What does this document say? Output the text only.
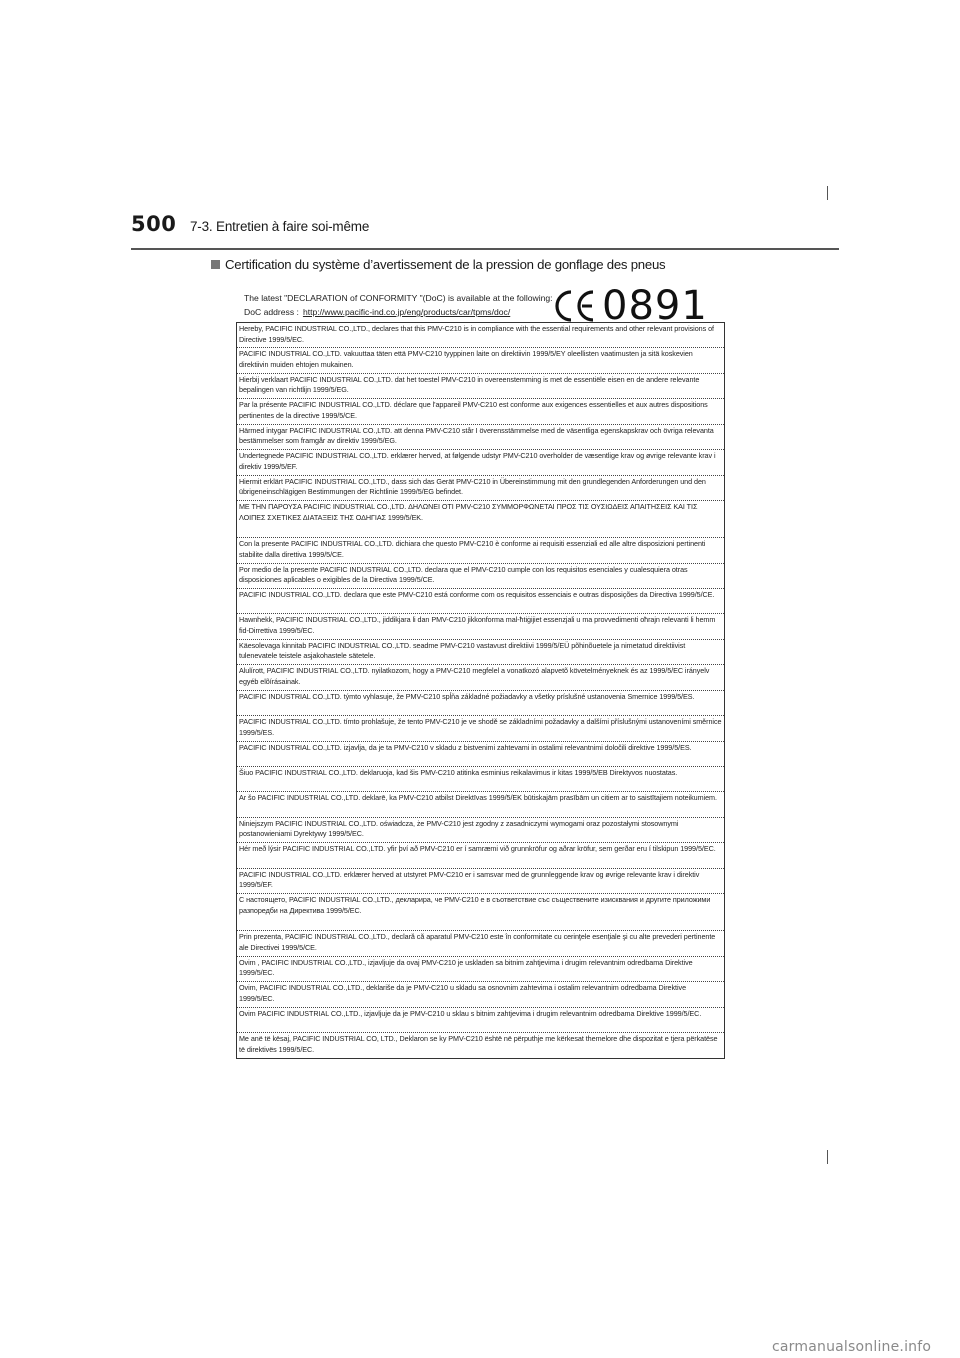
500 7-3. Entretien à faire soi-même
Certification du système d’avertissement de la pression de gonflage des pneus
The latest "DECLARATION of CONFORMITY "(DoC) is available at the following:
DoC address : http://www.pacific-ind.co.jp/eng/products/car/tpms/doc/	0891
Hereby, PACIFIC INDUSTRIAL CO.,LTD., declares that this PMV-C210 is in compliance with the essential requirements and other relevant provisions of Directive 1999/5/EC.
PACIFIC INDUSTRIAL CO.,LTD. vakuuttaa täten että PMV-C210 tyyppinen laite on direktiivin 1999/5/EY oleellisten vaatimusten ja sitä koskevien direktiivin muiden ehtojen mukainen.
Hierbij verklaart PACIFIC INDUSTRIAL CO.,LTD. dat het toestel PMV-C210 in overeenstemming is met de essentiële eisen en de andere relevante bepalingen van richtlijn 1999/5/EG.
Par la présente PACIFIC INDUSTRIAL CO.,LTD. déclare que l'appareil PMV-C210 est conforme aux exigences essentielles et aux autres dispositions pertinentes de la directive 1999/5/CE.
Härmed intygar PACIFIC INDUSTRIAL CO.,LTD. att denna PMV-C210 står I överensstämmelse med de väsentliga egenskapskrav och övriga relevanta bestämmelser som framgår av direktiv 1999/5/EG.
Undertegnede PACIFIC INDUSTRIAL CO.,LTD. erklærer herved, at følgende udstyr PMV-C210 overholder de væsentlige krav og øvrige relevante krav i direktiv 1999/5/EF.
Hiermit erklärt PACIFIC INDUSTRIAL CO.,LTD., dass sich das Gerät PMV-C210 in Übereinstimmung mit den grundlegenden Anforderungen und den übrigeneinschlägigen Bestimmungen der Richtlinie 1999/5/EG befindet.
ΜΕ ΤΗΝ ΠΑΡΟΥΣΑ PACIFIC INDUSTRIAL CO.,LTD. ΔΗΛΩΝΕΙ ΟΤΙ PMV-C210 ΣΥΜΜΟΡΦΩΝΕΤΑΙ ΠΡΟΣ ΤΙΣ ΟΥΣΙΩΔΕΙΣ ΑΠΑΙΤΗΣΕΙΣ ΚΑΙ ΤΙΣ ΛΟΙΠΕΣ ΣΧΕΤΙΚΕΣ ΔΙΑΤΑΞΕΙΣ ΤΗΣ ΟΔΗΓΙΑΣ 1999/5/ΕΚ.
Con la presente PACIFIC INDUSTRIAL CO.,LTD. dichiara che questo PMV-C210 è conforme ai requisiti essenziali ed alle altre disposizioni pertinenti stabilite dalla direttiva 1999/5/CE.
Por medio de la presente PACIFIC INDUSTRIAL CO.,LTD. declara que el PMV-C210 cumple con los requisitos esenciales y cualesquiera otras disposiciones aplicables o exigibles de la Directiva 1999/5/CE.
PACIFIC INDUSTRIAL CO.,LTD. declara que este PMV-C210 está conforme com os requisitos essenciais e outras disposições da Directiva 1999/5/CE.
Hawnhekk, PACIFIC INDUSTRIAL CO.,LTD., jiddikjara li dan PMV-C210 jikkonforma mal-ħtiġijiet essenzjali u ma provvedimenti oħrajn relevanti li hemm fid-Dirrettiva 1999/5/EC.
Käesolevaga kinnitab PACIFIC INDUSTRIAL CO.,LTD. seadme PMV-C210 vastavust direktiivi 1999/5/EÜ põhinõuetele ja nimetatud direktiivist tulenevatele teistele asjakohastele sätetele.
Alulírott, PACIFIC INDUSTRIAL CO.,LTD. nyilatkozom, hogy a PMV-C210 megfelel a vonatkozó alapvetõ követelményeknek és az 1999/5/EC irányelv egyéb elõírásainak.
PACIFIC INDUSTRIAL CO.,LTD. týmto vyhlasuje, že PMV-C210 spĺňa základné požiadavky a všetky príslušné ustanovenia Smernice 1999/5/ES.
PACIFIC INDUSTRIAL CO.,LTD. tímto prohlašuje, že tento PMV-C210 je ve shodě se základními požadavky a dalšími příslušnými ustanoveními směrnice 1999/5/ES.
PACIFIC INDUSTRIAL CO.,LTD. izjavlja, da je ta PMV-C210 v skladu z bistvenimi zahtevami in ostalimi relevantnimi določili direktive 1999/5/ES.
Šiuo PACIFIC INDUSTRIAL CO.,LTD. deklaruoja, kad šis PMV-C210 atitinka esminius reikalavimus ir kitas 1999/5/EB Direktyvos nuostatas.
Ar šo PACIFIC INDUSTRIAL CO.,LTD. deklarē, ka PMV-C210 atbilst Direktīvas 1999/5/EK būtiskajām prasībām un citiem ar to saistītajiem noteikumiem.
Niniejszym PACIFIC INDUSTRIAL CO.,LTD. oświadcza, że PMV-C210 jest zgodny z zasadniczymi wymogami oraz pozostałymi stosownymi postanowieniami Dyrektywy 1999/5/EC.
Hér með lýsir PACIFIC INDUSTRIAL CO.,LTD. yfir því að PMV-C210 er í samræmi við grunnkröfur og aðrar kröfur, sem gerðar eru í tilskipun 1999/5/EC.
PACIFIC INDUSTRIAL CO.,LTD. erklærer herved at utstyret PMV-C210 er i samsvar med de grunnleggende krav og øvrige relevante krav i direktiv 1999/5/EF.
С настоящето, PACIFIC INDUSTRIAL CO.,LTD., декларира, че PMV-C210 е в съответствие със съществените изисквания и другите приложими разпоредби на Директива 1999/5/ЕС.
Prin prezenta, PACIFIC INDUSTRIAL CO.,LTD., declară că aparatul PMV-C210 este în conformitate cu cerinţele esenţiale şi cu alte prevederi pertinente ale Directivei 1999/5/CE.
Ovim , PACIFIC INDUSTRIAL CO.,LTD., izjavljuje da ovaj PMV-C210 je uskladen sa bitnim zahtjevima i drugim relevantnim odredbama Direktive 1999/5/EC.
Ovim, PACIFIC INDUSTRIAL CO.,LTD., deklariše da je PMV-C210 u skladu sa osnovnim zahtevima i ostalim relevantnim odredbama Direktive 1999/5/EC.
Ovim PACIFIC INDUSTRIAL CO.,LTD., izjavljuje da je PMV-C210 u sklau s bitnim zahtjevima i drugim relevantnim odredbama Direktive 1999/5/EC.
Me anë të kësaj, PACIFIC INDUSTRIAL CO, LTD., Deklaron se ky PMV-C210 është në përputhje me kërkesat themelore dhe dispozitat e tjera përkatëse të direktivës 1999/5/EC.
carmanualsonline.info
